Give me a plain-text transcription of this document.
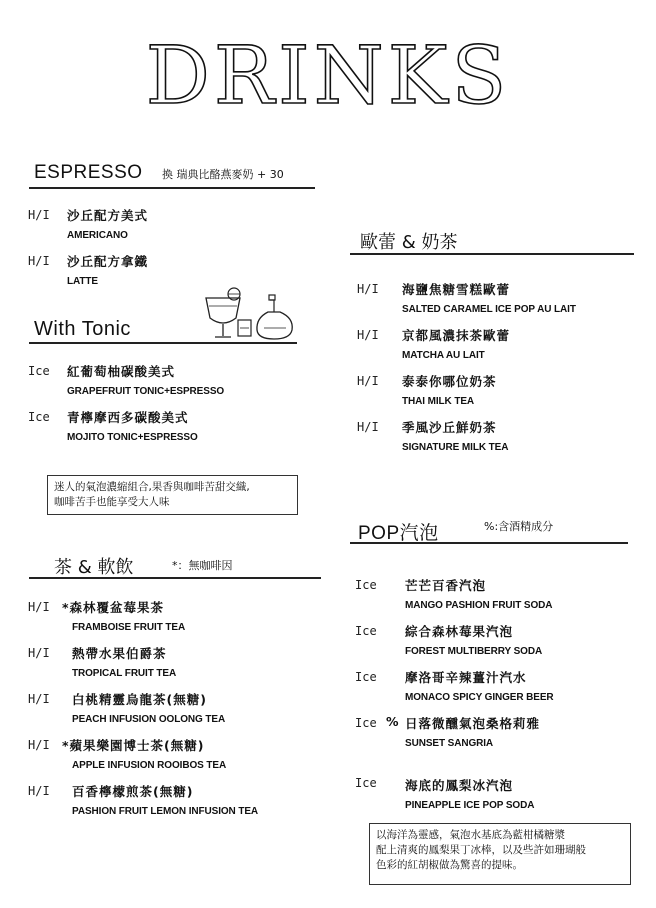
DRINKS
ESPRESSO 換 瑞典比酪燕麥奶 + 30
H/I 沙丘配方美式
AMERICANO
H/I 沙丘配方拿鐵
LATTE
With Tonic
Ice 紅葡萄柚碳酸美式
GRAPEFRUIT TONIC+ESPRESSO
Ice 青檸摩西多碳酸美式
MOJITO TONIC+ESPRESSO
迷人的氣泡濃縮組合,果香與咖啡苦甜交織,
咖啡苦手也能享受大人味
茶 & 軟飲	*：無咖啡因
H/I *森林覆盆莓果茶
FRAMBOISE FRUIT TEA
H/I 熱帶水果伯爵茶
TROPICAL FRUIT TEA
H/I 白桃精靈烏龍茶(無糖)
PEACH INFUSION OOLONG TEA
H/I *蘋果樂園博士茶(無糖)
APPLE INFUSION ROOIBOS TEA
H/I 百香檸檬煎茶(無糖)
PASHION FRUIT LEMON INFUSION TEA
歐蕾 & 奶茶
H/I 海鹽焦糖雪糕歐蕾
SALTED CARAMEL ICE POP AU LAIT
H/I 京都風濃抹茶歐蕾
MATCHA AU LAIT
H/I 泰泰你哪位奶茶
THAI MILK TEA
H/I 季風沙丘鮮奶茶
SIGNATURE MILK TEA
POP汽泡	%:含酒精成分
Ice 芒芒百香汽泡
MANGO PASHION FRUIT SODA
Ice 綜合森林莓果汽泡
FOREST MULTIBERRY SODA
Ice 摩洛哥辛辣薑汁汽水
MONACO SPICY GINGER BEER
Ice % 日落微醺氣泡桑格莉雅
SUNSET SANGRIA
Ice 海底的鳳梨冰汽泡
PINEAPPLE ICE POP SODA
以海洋為靈感，氣泡水基底為藍柑橘糖漿
配上清爽的鳳梨果丁冰棒，以及些許如珊瑚般
色彩的紅胡椒做為驚喜的提味。
